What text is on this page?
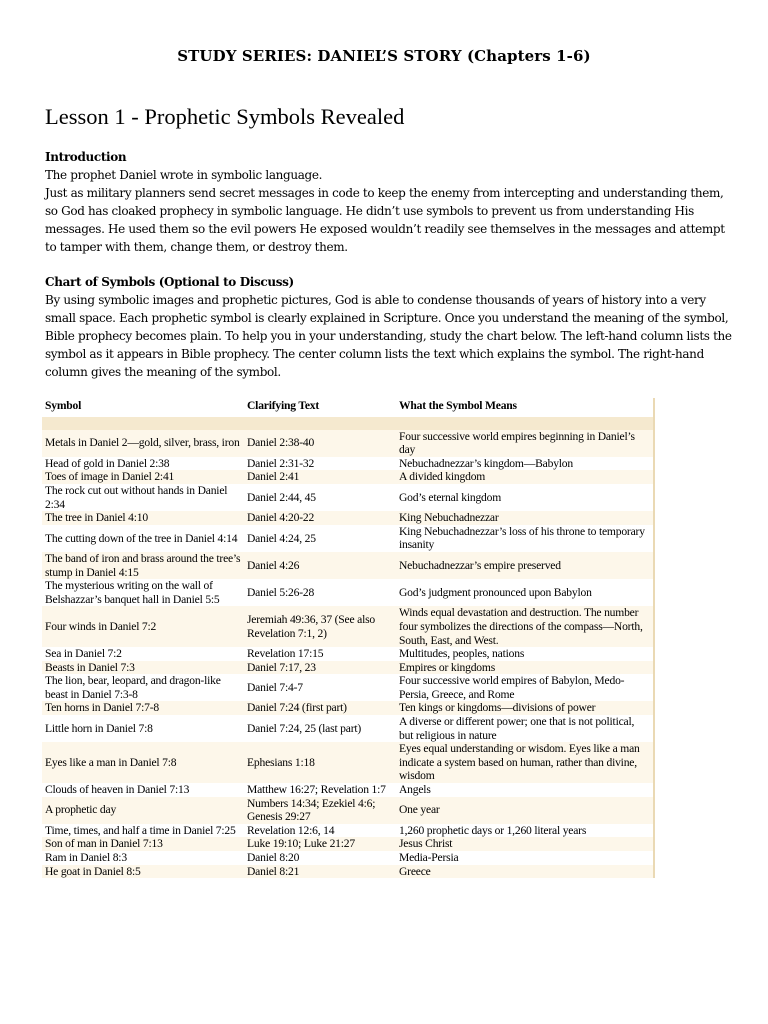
STUDY SERIES: DANIEL’S STORY (Chapters 1-6)
Lesson 1 - Prophetic Symbols Revealed
Introduction

The prophet Daniel wrote in symbolic language.

Just as military planners send secret messages in code to keep the enemy from intercepting and understanding them, so God has cloaked prophecy in symbolic language. He didn’t use symbols to prevent us from understanding His messages. He used them so the evil powers He exposed wouldn’t readily see themselves in the messages and attempt to tamper with them, change them, or destroy them.

Chart of Symbols (Optional to Discuss)

By using symbolic images and prophetic pictures, God is able to condense thousands of years of history into a very small space. Each prophetic symbol is clearly explained in Scripture. Once you understand the meaning of the symbol, Bible prophecy becomes plain. To help you in your understanding, study the chart below. The left-hand column lists the symbol as it appears in Bible prophecy. The center column lists the text which explains the symbol. The right-hand column gives the meaning of the symbol.

Symbol	Clarifying Text	What the Symbol Means

Metals in Daniel 2—gold, silver, brass, iron	Daniel 2:38-40	Four successive world empires beginning in Daniel’s day
Head of gold in Daniel 2:38	Daniel 2:31-32	Nebuchadnezzar’s kingdom—Babylon
Toes of image in Daniel 2:41	Daniel 2:41	A divided kingdom
The rock cut out without hands in Daniel 2:34	Daniel 2:44, 45	God’s eternal kingdom
The tree in Daniel 4:10	Daniel 4:20-22	King Nebuchadnezzar
The cutting down of the tree in Daniel 4:14	Daniel 4:24, 25	King Nebuchadnezzar’s loss of his throne to temporary insanity
The band of iron and brass around the tree’s stump in Daniel 4:15	Daniel 4:26	Nebuchadnezzar’s empire preserved
The mysterious writing on the wall of Belshazzar’s banquet hall in Daniel 5:5	Daniel 5:26-28	God’s judgment pronounced upon Babylon
Four winds in Daniel 7:2	Jeremiah 49:36, 37 (See also Revelation 7:1, 2)	Winds equal devastation and destruction. The number four symbolizes the directions of the compass—North, South, East, and West.
Sea in Daniel 7:2	Revelation 17:15	Multitudes, peoples, nations
Beasts in Daniel 7:3	Daniel 7:17, 23	Empires or kingdoms
The lion, bear, leopard, and dragon-like beast in Daniel 7:3-8	Daniel 7:4-7	Four successive world empires of Babylon, Medo-Persia, Greece, and Rome
Ten horns in Daniel 7:7-8	Daniel 7:24 (first part)	Ten kings or kingdoms—divisions of power
Little horn in Daniel 7:8	Daniel 7:24, 25 (last part)	A diverse or different power; one that is not political, but religious in nature
Eyes like a man in Daniel 7:8	Ephesians 1:18	Eyes equal understanding or wisdom. Eyes like a man indicate a system based on human, rather than divine, wisdom
Clouds of heaven in Daniel 7:13	Matthew 16:27; Revelation 1:7	Angels
A prophetic day	Numbers 14:34; Ezekiel 4:6; Genesis 29:27	One year
Time, times, and half a time in Daniel 7:25	Revelation 12:6, 14	1,260 prophetic days or 1,260 literal years
Son of man in Daniel 7:13	Luke 19:10; Luke 21:27	Jesus Christ
Ram in Daniel 8:3	Daniel 8:20	Media-Persia
He goat in Daniel 8:5	Daniel 8:21	Greece
